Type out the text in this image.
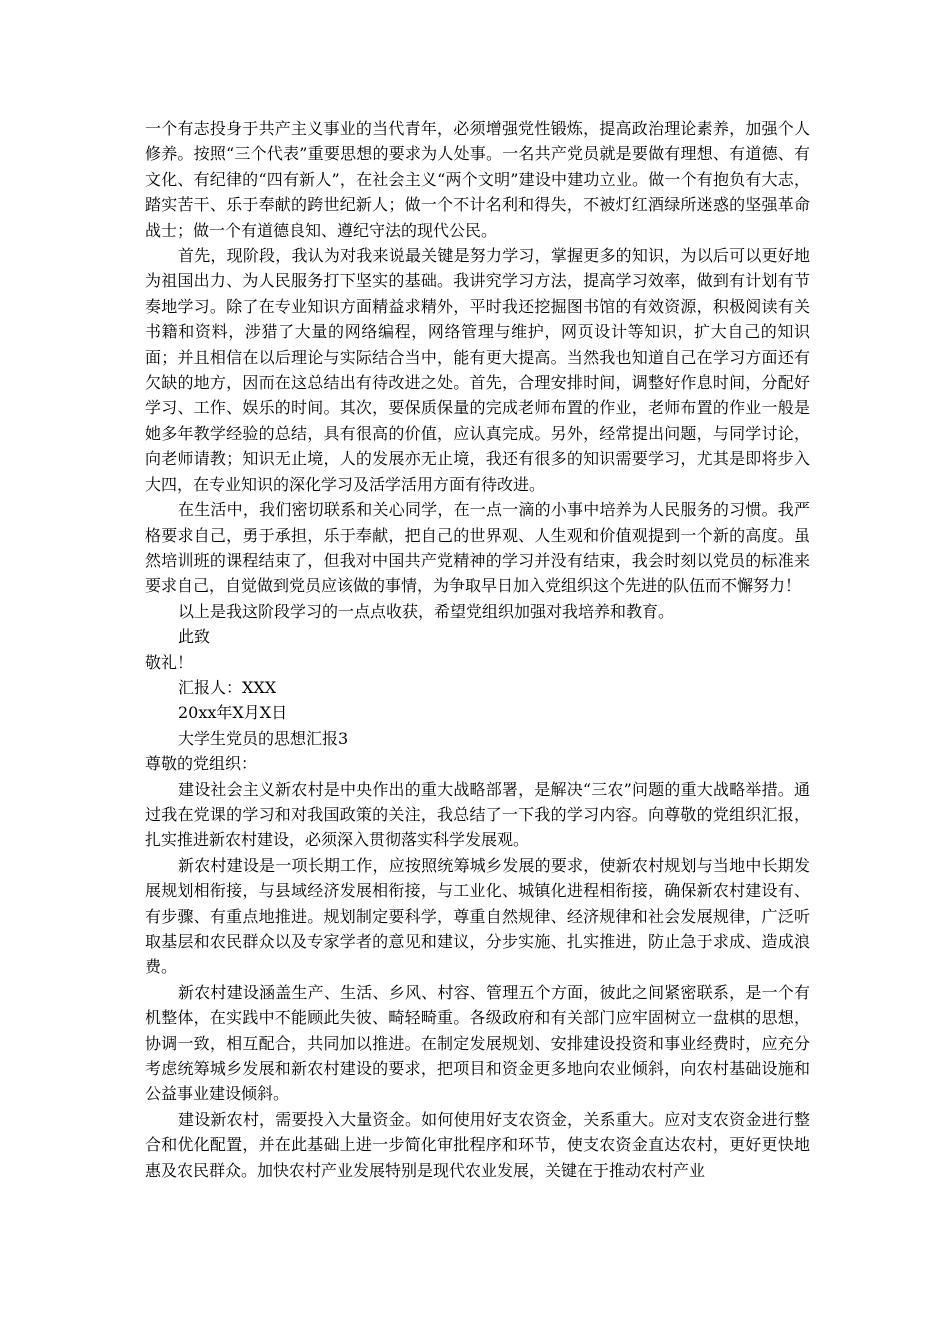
一个有志投身于共产主义事业的当代青年，必须增强党性锻炼，提高政治理论素养，加强个人修养。按照“三个代表”重要思想的要求为人处事。一名共产党员就是要做有理想、有道德、有文化、有纪律的“四有新人”，在社会主义“两个文明”建设中建功立业。做一个有抱负有大志，踏实苦干、乐于奉献的跨世纪新人；做一个不计名利和得失，不被灯红酒绿所迷惑的坚强革命战士；做一个有道德良知、遵纪守法的现代公民。

首先，现阶段，我认为对我来说最关键是努力学习，掌握更多的知识，为以后可以更好地为祖国出力、为人民服务打下坚实的基础。我讲究学习方法，提高学习效率，做到有计划有节奏地学习。除了在专业知识方面精益求精外，平时我还挖掘图书馆的有效资源，积极阅读有关书籍和资料，涉猎了大量的网络编程，网络管理与维护，网页设计等知识，扩大自己的知识面；并且相信在以后理论与实际结合当中，能有更大提高。当然我也知道自己在学习方面还有欠缺的地方，因而在这总结出有待改进之处。首先，合理安排时间，调整好作息时间，分配好学习、工作、娱乐的时间。其次，要保质保量的完成老师布置的作业，老师布置的作业一般是她多年教学经验的总结，具有很高的价值，应认真完成。另外，经常提出问题，与同学讨论，向老师请教；知识无止境，人的发展亦无止境，我还有很多的知识需要学习，尤其是即将步入大四，在专业知识的深化学习及活学活用方面有待改进。

在生活中，我们密切联系和关心同学，在一点一滴的小事中培养为人民服务的习惯。我严格要求自己，勇于承担，乐于奉献，把自己的世界观、人生观和价值观提到一个新的高度。虽然培训班的课程结束了，但我对中国共产党精神的学习并没有结束，我会时刻以党员的标准来要求自己，自觉做到党员应该做的事情，为争取早日加入党组织这个先进的队伍而不懈努力！

以上是我这阶段学习的一点点收获，希望党组织加强对我培养和教育。

此致

敬礼！

汇报人：XXX

20xx年X月X日

大学生党员的思想汇报3

尊敬的党组织：

建设社会主义新农村是中央作出的重大战略部署，是解决“三农”问题的重大战略举措。通过我在党课的学习和对我国政策的关注，我总结了一下我的学习内容。向尊敬的党组织汇报，扎实推进新农村建设，必须深入贯彻落实科学发展观。

新农村建设是一项长期工作，应按照统筹城乡发展的要求，使新农村规划与当地中长期发展规划相衔接，与县域经济发展相衔接，与工业化、城镇化进程相衔接，确保新农村建设有、有步骤、有重点地推进。规划制定要科学，尊重自然规律、经济规律和社会发展规律，广泛听取基层和农民群众以及专家学者的意见和建议，分步实施、扎实推进，防止急于求成、造成浪费。

新农村建设涵盖生产、生活、乡风、村容、管理五个方面，彼此之间紧密联系，是一个有机整体，在实践中不能顾此失彼、畸轻畸重。各级政府和有关部门应牢固树立一盘棋的思想，协调一致，相互配合，共同加以推进。在制定发展规划、安排建设投资和事业经费时，应充分考虑统筹城乡发展和新农村建设的要求，把项目和资金更多地向农业倾斜，向农村基础设施和公益事业建设倾斜。

建设新农村，需要投入大量资金。如何使用好支农资金，关系重大。应对支农资金进行整合和优化配置，并在此基础上进一步简化审批程序和环节，使支农资金直达农村，更好更快地惠及农民群众。加快农村产业发展特别是现代农业发展，关键在于推动农村产业
